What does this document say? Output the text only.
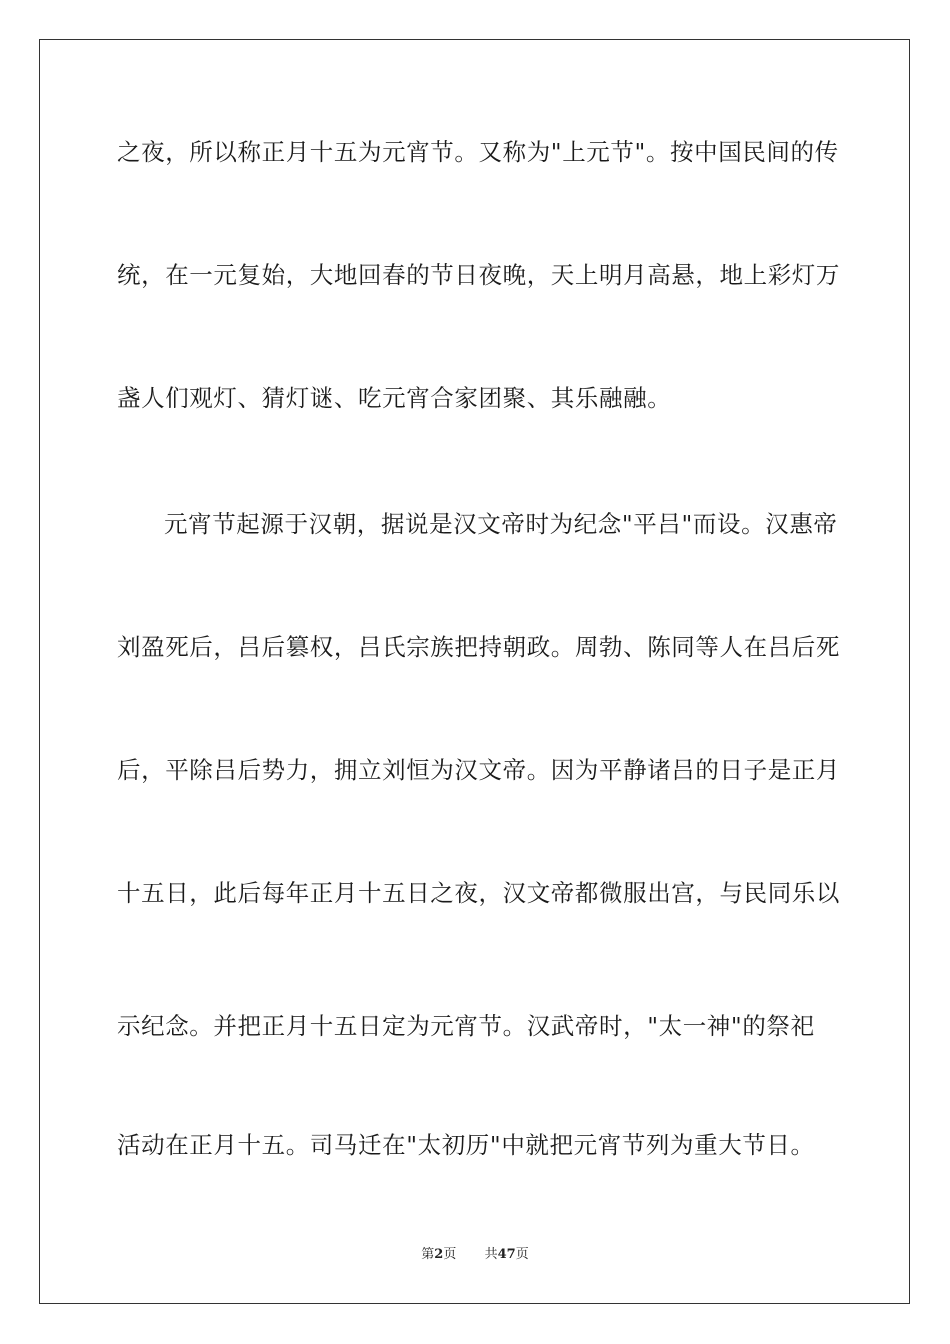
之夜，所以称正月十五为元宵节。又称为"上元节"。按中国民间的传
统，在一元复始，大地回春的节日夜晚，天上明月高悬，地上彩灯万
盏人们观灯、猜灯谜、吃元宵合家团聚、其乐融融。
元宵节起源于汉朝，据说是汉文帝时为纪念"平吕"而设。汉惠帝
刘盈死后，吕后篡权，吕氏宗族把持朝政。周勃、陈同等人在吕后死
后，平除吕后势力，拥立刘恒为汉文帝。因为平静诸吕的日子是正月
十五日，此后每年正月十五日之夜，汉文帝都微服出宫，与民同乐以
示纪念。并把正月十五日定为元宵节。汉武帝时，"太一神"的祭祀
活动在正月十五。司马迁在"太初历"中就把元宵节列为重大节日。
第2页 共47页
